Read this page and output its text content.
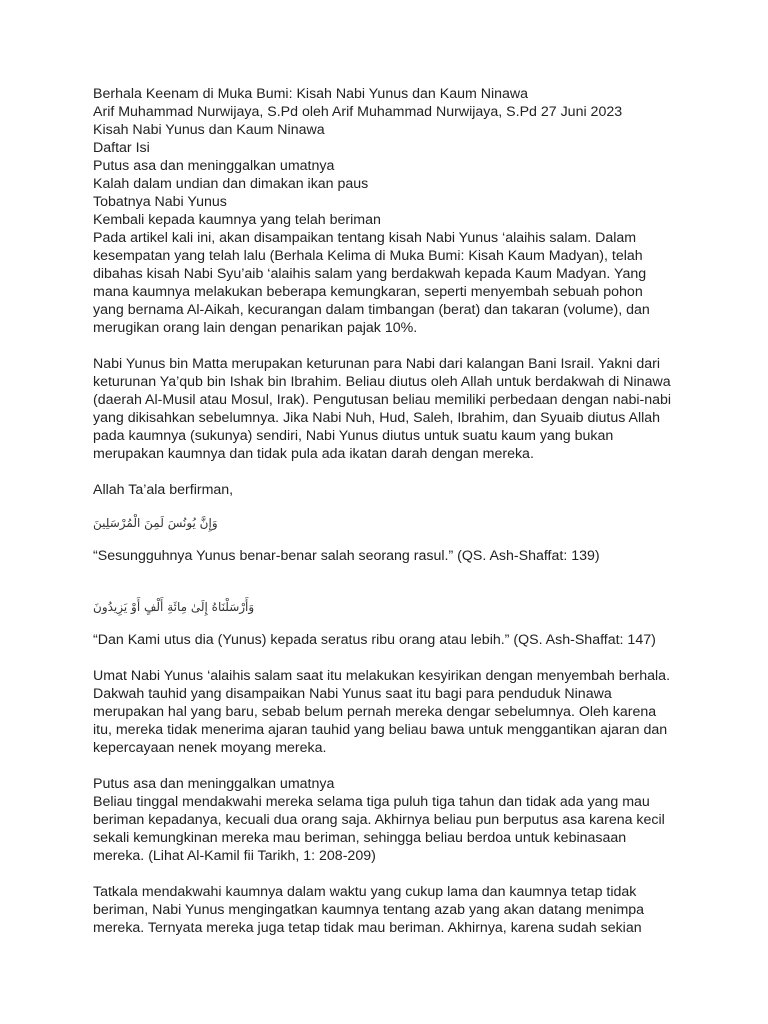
Berhala Keenam di Muka Bumi: Kisah Nabi Yunus dan Kaum Ninawa
Arif Muhammad Nurwijaya, S.Pd oleh Arif Muhammad Nurwijaya, S.Pd 27 Juni 2023
Kisah Nabi Yunus dan Kaum Ninawa
Daftar Isi
Putus asa dan meninggalkan umatnya
Kalah dalam undian dan dimakan ikan paus
Tobatnya Nabi Yunus
Kembali kepada kaumnya yang telah beriman
Pada artikel kali ini, akan disampaikan tentang kisah Nabi Yunus ‘alaihis salam. Dalam
kesempatan yang telah lalu (Berhala Kelima di Muka Bumi: Kisah Kaum Madyan), telah
dibahas kisah Nabi Syu’aib ‘alaihis salam yang berdakwah kepada Kaum Madyan. Yang
mana kaumnya melakukan beberapa kemungkaran, seperti menyembah sebuah pohon
yang bernama Al-Aikah, kecurangan dalam timbangan (berat) dan takaran (volume), dan
merugikan orang lain dengan penarikan pajak 10%.
Nabi Yunus bin Matta merupakan keturunan para Nabi dari kalangan Bani Israil. Yakni dari
keturunan Ya’qub bin Ishak bin Ibrahim. Beliau diutus oleh Allah untuk berdakwah di Ninawa
(daerah Al-Musil atau Mosul, Irak). Pengutusan beliau memiliki perbedaan dengan nabi-nabi
yang dikisahkan sebelumnya. Jika Nabi Nuh, Hud, Saleh, Ibrahim, dan Syuaib diutus Allah
pada kaumnya (sukunya) sendiri, Nabi Yunus diutus untuk suatu kaum yang bukan
merupakan kaumnya dan tidak pula ada ikatan darah dengan mereka.
Allah Ta’ala berfirman,
وَإِنَّ يُونُسَ لَمِنَ الْمُرْسَلِينَ
“Sesungguhnya Yunus benar-benar salah seorang rasul.” (QS. Ash-Shaffat: 139)
وَأَرْسَلْنَاهُ إِلَىٰ مِائَةِ أَلْفٍ أَوْ يَزِيدُونَ
“Dan Kami utus dia (Yunus) kepada seratus ribu orang atau lebih.” (QS. Ash-Shaffat: 147)
Umat Nabi Yunus ‘alaihis salam saat itu melakukan kesyirikan dengan menyembah berhala.
Dakwah tauhid yang disampaikan Nabi Yunus saat itu bagi para penduduk Ninawa
merupakan hal yang baru, sebab belum pernah mereka dengar sebelumnya. Oleh karena
itu, mereka tidak menerima ajaran tauhid yang beliau bawa untuk menggantikan ajaran dan
kepercayaan nenek moyang mereka.
Putus asa dan meninggalkan umatnya
Beliau tinggal mendakwahi mereka selama tiga puluh tiga tahun dan tidak ada yang mau
beriman kepadanya, kecuali dua orang saja. Akhirnya beliau pun berputus asa karena kecil
sekali kemungkinan mereka mau beriman, sehingga beliau berdoa untuk kebinasaan
mereka. (Lihat Al-Kamil fii Tarikh, 1: 208-209)
Tatkala mendakwahi kaumnya dalam waktu yang cukup lama dan kaumnya tetap tidak
beriman, Nabi Yunus mengingatkan kaumnya tentang azab yang akan datang menimpa
mereka. Ternyata mereka juga tetap tidak mau beriman. Akhirnya, karena sudah sekian
